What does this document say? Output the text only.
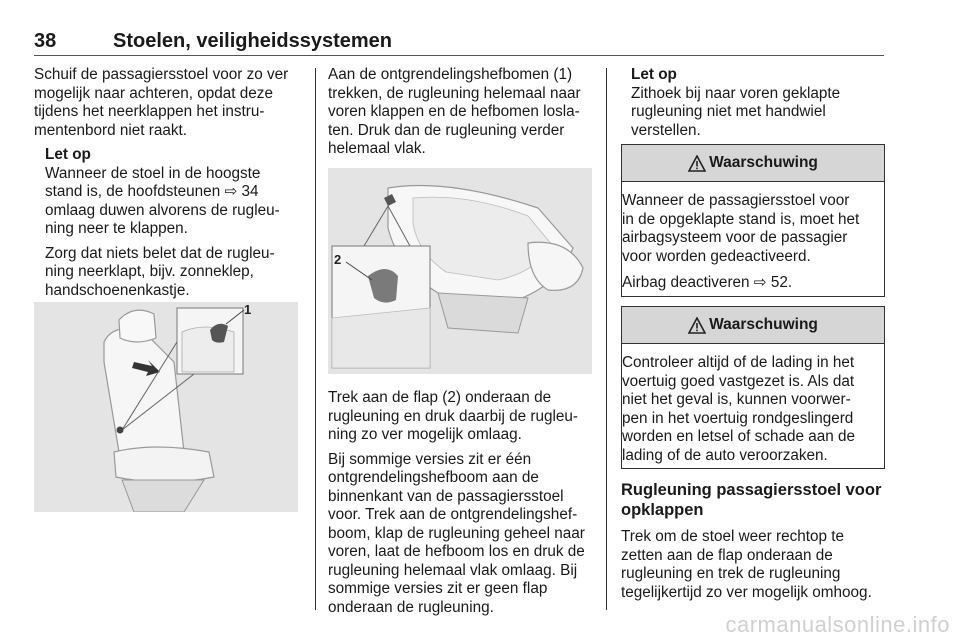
38	Stoelen, veiligheidssystemen

Schuif de passagiersstoel voor zo ver
mogelijk naar achteren, opdat deze
tijdens het neerklappen het instru-
mentenbord niet raakt.

Let op

Wanneer de stoel in de hoogste
stand is, de hoofdsteunen ⇨ 34
omlaag duwen alvorens de rugleu-
ning neer te klappen.

Zorg dat niets belet dat de rugleu-
ning neerklapt, bijv. zonneklep,
handschoenenkastje.

1

Aan de ontgrendelingshefbomen (1)
trekken, de rugleuning helemaal naar
voren klappen en de hefbomen losla-
ten. Druk dan de rugleuning verder
helemaal vlak.

2

Trek aan de flap (2) onderaan de
rugleuning en druk daarbij de rugleu-
ning zo ver mogelijk omlaag.

Bij sommige versies zit er één
ontgrendelingshefboom aan de
binnenkant van de passagiersstoel
voor. Trek aan de ontgrendelingshef-
boom, klap de rugleuning geheel naar
voren, laat de hefboom los en druk de
rugleuning helemaal vlak omlaag. Bij
sommige versies zit er geen flap
onderaan de rugleuning.

Let op
Zithoek bij naar voren geklapte
rugleuning niet met handwiel
verstellen.
Waarschuwing

Wanneer de passagiersstoel voor
in de opgeklapte stand is, moet het
airbagsysteem voor de passagier
voor worden gedeactiveerd.

Airbag deactiveren ⇨ 52.
Waarschuwing
Controleer altijd of de lading in het
voertuig goed vastgezet is. Als dat
niet het geval is, kunnen voorwer-
pen in het voertuig rondgeslingerd
worden en letsel of schade aan de
lading of de auto veroorzaken.

Rugleuning passagiersstoel voor
opklappen

Trek om de stoel weer rechtop te
zetten aan de flap onderaan de
rugleuning en trek de rugleuning
tegelijkertijd zo ver mogelijk omhoog.

carmanualsonline.info
